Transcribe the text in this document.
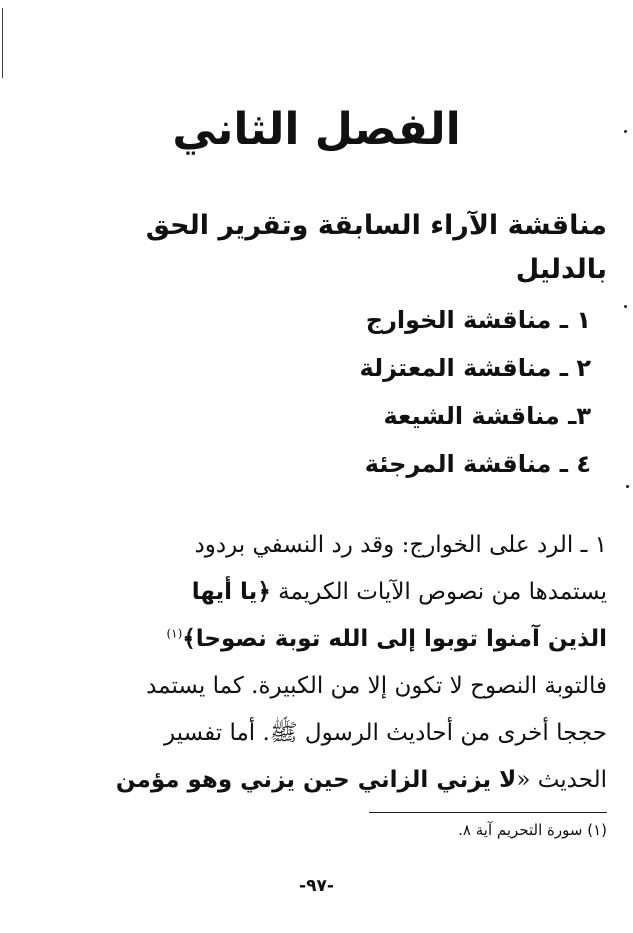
الفصل الثاني
مناقشة الآراء السابقة وتقرير الحق بالدليل
١ ـ مناقشة الخوارج
٢ ـ مناقشة المعتزلة
٣ـ مناقشة الشيعة
٤ ـ مناقشة المرجئة
١ ـ الرد على الخوارج: وقد رد النسفي بردود
يستمدها من نصوص الآيات الكريمة ﴿يا أيها
الذين آمنوا توبوا إلى الله توبة نصوحا﴾$^{(١)}$
فالتوبة النصوح لا تكون إلا من الكبيرة. كما يستمد
حججا أخرى من أحاديث الرسول ﷺ. أما تفسير
الحديث «لا يزني الزاني حين يزني وهو مؤمن
(١) سورة التحريم آية ٨.
-٩٧-
